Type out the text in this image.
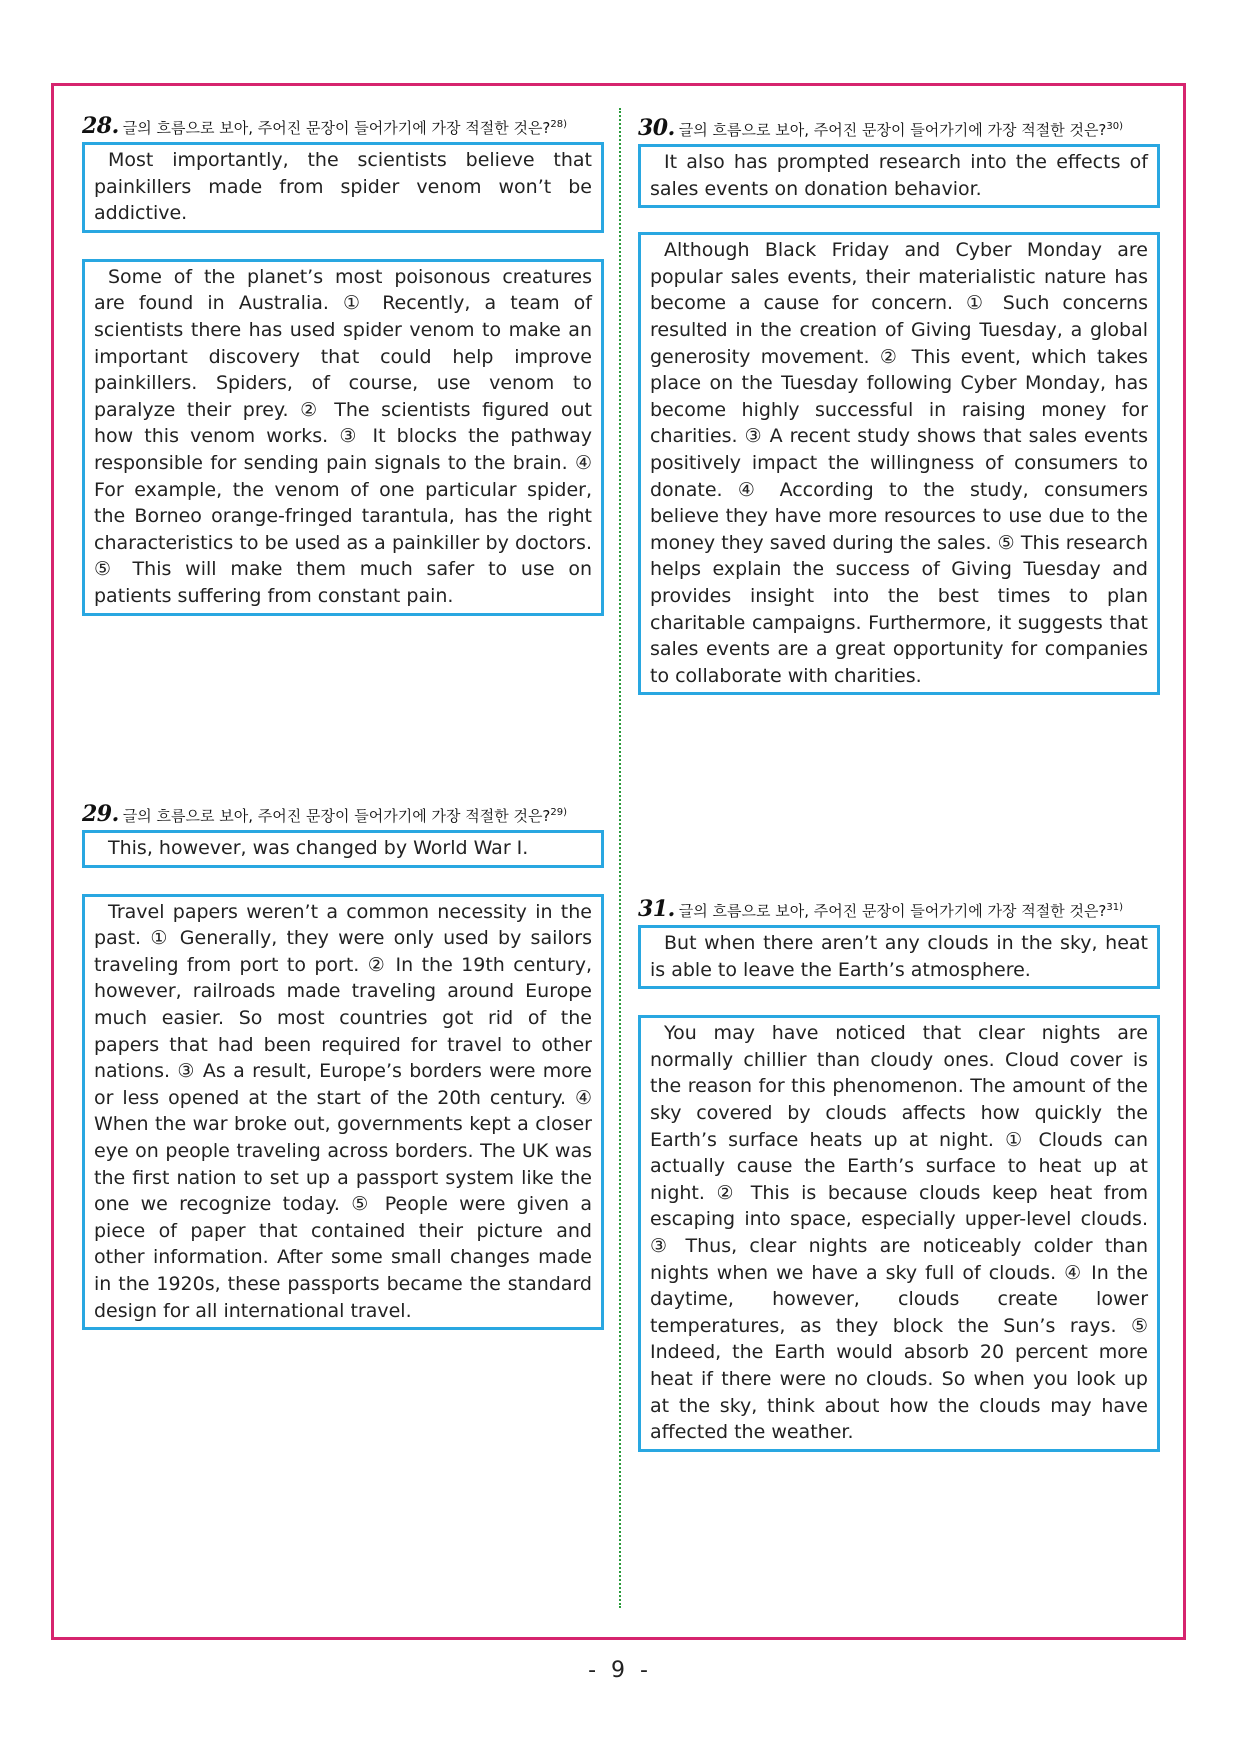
28. 글의 흐름으로 보아, 주어진 문장이 들어가기에 가장 적절한 것은?$^{28)}$

Most importantly, the scientists believe that painkillers made from spider venom won’t be addictive.

Some of the planet’s most poisonous creatures are found in Australia. ① Recently, a team of scientists there has used spider venom to make an important discovery that could help improve painkillers. Spiders, of course, use venom to paralyze their prey. ② The scientists figured out how this venom works. ③ It blocks the pathway responsible for sending pain signals to the brain. ④ For example, the venom of one particular spider, the Borneo orange-fringed tarantula, has the right characteristics to be used as a painkiller by doctors. ⑤ This will make them much safer to use on patients suffering from constant pain.

29. 글의 흐름으로 보아, 주어진 문장이 들어가기에 가장 적절한 것은?$^{29)}$

This, however, was changed by World War I.

Travel papers weren’t a common necessity in the past. ① Generally, they were only used by sailors traveling from port to port. ② In the 19th century, however, railroads made traveling around Europe much easier. So most countries got rid of the papers that had been required for travel to other nations. ③ As a result, Europe’s borders were more or less opened at the start of the 20th century. ④ When the war broke out, governments kept a closer eye on people traveling across borders. The UK was the first nation to set up a passport system like the one we recognize today. ⑤ People were given a piece of paper that contained their picture and other information. After some small changes made in the 1920s, these passports became the standard design for all international travel.

30. 글의 흐름으로 보아, 주어진 문장이 들어가기에 가장 적절한 것은?$^{30)}$

It also has prompted research into the effects of sales events on donation behavior.

Although Black Friday and Cyber Monday are popular sales events, their materialistic nature has become a cause for concern. ① Such concerns resulted in the creation of Giving Tuesday, a global generosity movement. ② This event, which takes place on the Tuesday following Cyber Monday, has become highly successful in raising money for charities. ③ A recent study shows that sales events positively impact the willingness of consumers to donate. ④ According to the study, consumers believe they have more resources to use due to the money they saved during the sales. ⑤ This research helps explain the success of Giving Tuesday and provides insight into the best times to plan charitable campaigns. Furthermore, it suggests that sales events are a great opportunity for companies to collaborate with charities.

31. 글의 흐름으로 보아, 주어진 문장이 들어가기에 가장 적절한 것은?$^{31)}$

But when there aren’t any clouds in the sky, heat is able to leave the Earth’s atmosphere.

You may have noticed that clear nights are normally chillier than cloudy ones. Cloud cover is the reason for this phenomenon. The amount of the sky covered by clouds affects how quickly the Earth’s surface heats up at night. ① Clouds can actually cause the Earth’s surface to heat up at night. ② This is because clouds keep heat from escaping into space, especially upper-level clouds. ③ Thus, clear nights are noticeably colder than nights when we have a sky full of clouds. ④ In the daytime, however, clouds create lower temperatures, as they block the Sun’s rays. ⑤ Indeed, the Earth would absorb 20 percent more heat if there were no clouds. So when you look up at the sky, think about how the clouds may have affected the weather.

- 9 -
